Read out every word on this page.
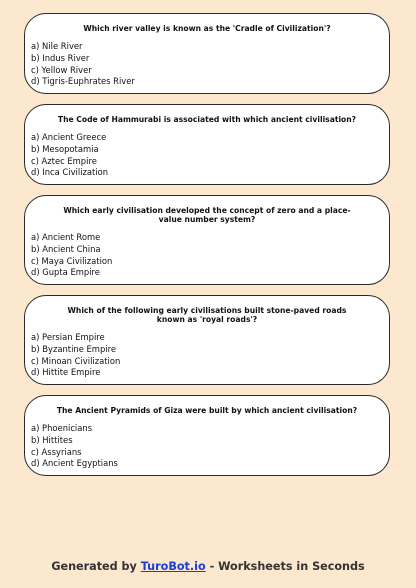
Which river valley is known as the 'Cradle of Civilization'?
a) Nile River
b) Indus River
c) Yellow River
d) Tigris-Euphrates River
The Code of Hammurabi is associated with which ancient civilisation?
a) Ancient Greece
b) Mesopotamia
c) Aztec Empire
d) Inca Civilization
Which early civilisation developed the concept of zero and a place-value number system?
a) Ancient Rome
b) Ancient China
c) Maya Civilization
d) Gupta Empire
Which of the following early civilisations built stone-paved roads known as 'royal roads'?
a) Persian Empire
b) Byzantine Empire
c) Minoan Civilization
d) Hittite Empire
The Ancient Pyramids of Giza were built by which ancient civilisation?
a) Phoenicians
b) Hittites
c) Assyrians
d) Ancient Egyptians
Generated by TuroBot.io - Worksheets in Seconds
